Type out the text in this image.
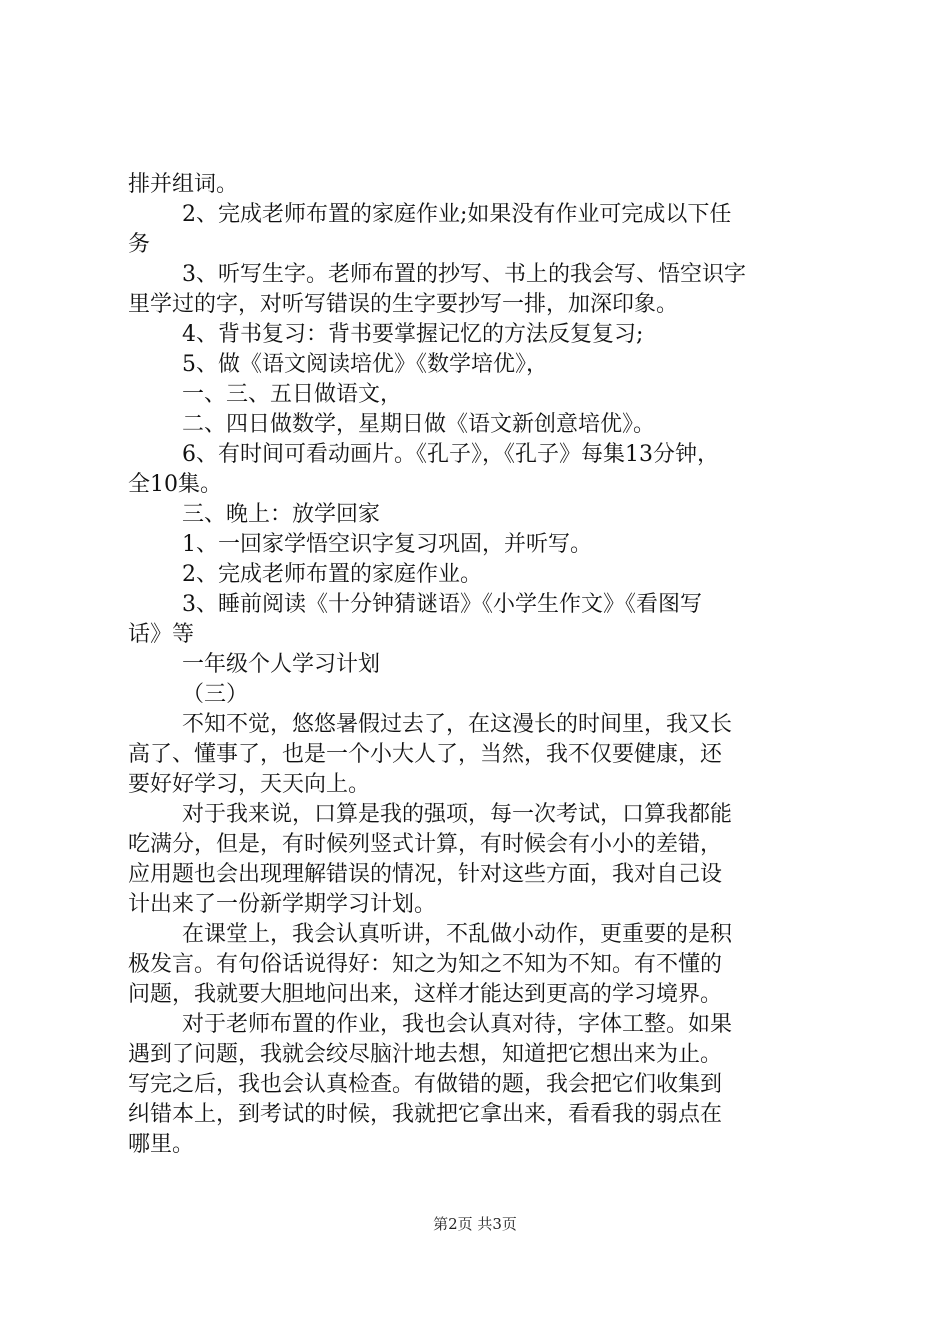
排并组词。
2、完成老师布置的家庭作业;如果没有作业可完成以下任
务
3、听写生字。老师布置的抄写、书上的我会写、悟空识字
里学过的字，对听写错误的生字要抄写一排，加深印象。
4、背书复习：背书要掌握记忆的方法反复复习;
5、做《语文阅读培优》《数学培优》，
一、三、五日做语文，
二、四日做数学，星期日做《语文新创意培优》。
6、有时间可看动画片。《孔子》，《孔子》每集13分钟，
全10集。
三、晚上：放学回家
1、一回家学悟空识字复习巩固，并听写。
2、完成老师布置的家庭作业。
3、睡前阅读《十分钟猜谜语》《小学生作文》《看图写
话》等
一年级个人学习计划
（三）
不知不觉，悠悠暑假过去了，在这漫长的时间里，我又长
高了、懂事了，也是一个小大人了，当然，我不仅要健康，还
要好好学习，天天向上。
对于我来说，口算是我的强项，每一次考试，口算我都能
吃满分，但是，有时候列竖式计算，有时候会有小小的差错，
应用题也会出现理解错误的情况，针对这些方面，我对自己设
计出来了一份新学期学习计划。
在课堂上，我会认真听讲，不乱做小动作，更重要的是积
极发言。有句俗话说得好：知之为知之不知为不知。有不懂的
问题，我就要大胆地问出来，这样才能达到更高的学习境界。
对于老师布置的作业，我也会认真对待，字体工整。如果
遇到了问题，我就会绞尽脑汁地去想，知道把它想出来为止。
写完之后，我也会认真检查。有做错的题，我会把它们收集到
纠错本上，到考试的时候，我就把它拿出来，看看我的弱点在
哪里。
第2页 共3页
